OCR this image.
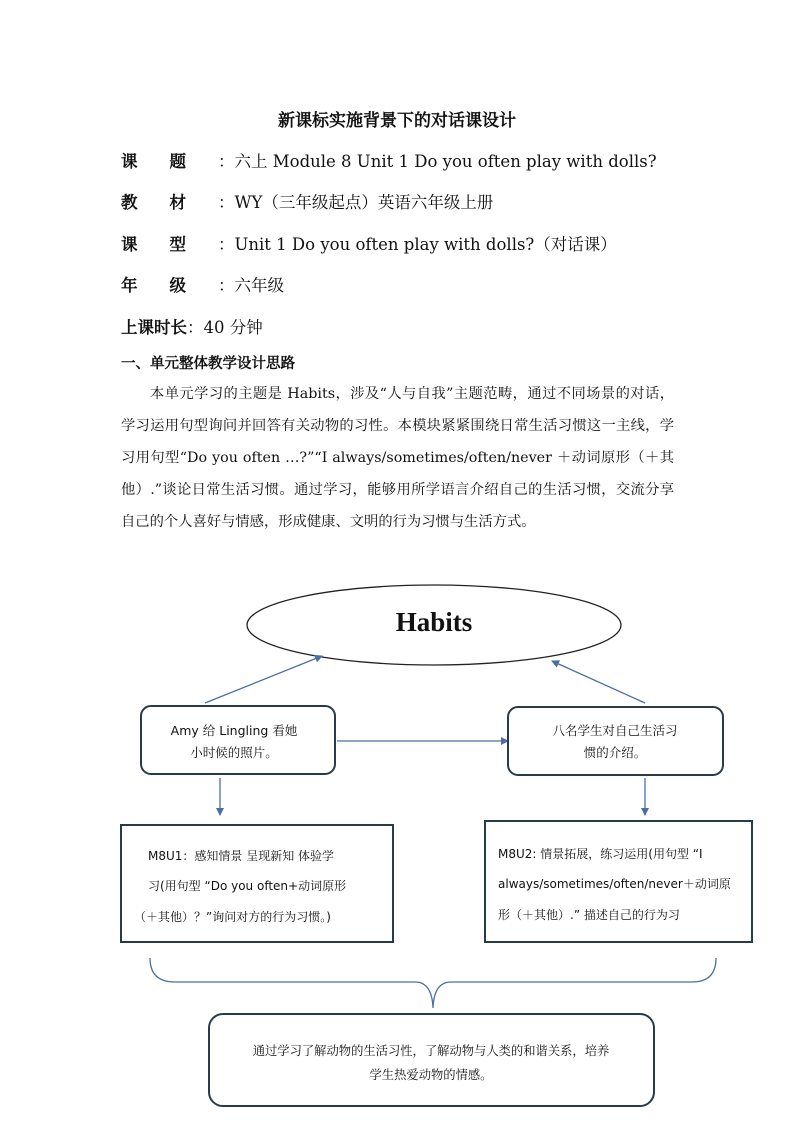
新课标实施背景下的对话课设计
课题：六上 Module 8 Unit 1 Do you often play with dolls?
教材：WY（三年级起点）英语六年级上册
课型：Unit 1 Do you often play with dolls?（对话课）
年级：六年级
上课时长：40 分钟
一、单元整体教学设计思路

本单元学习的主题是 Habits，涉及“人与自我”主题范畴，通过不同场景的对话，学习运用句型询问并回答有关动物的习性。本模块紧紧围绕日常生活习惯这一主线，学习用句型“Do you often …?”“I always/sometimes/often/never ＋动词原形（＋其他）.”谈论日常生活习惯。通过学习，能够用所学语言介绍自己的生活习惯，交流分享自己的个人喜好与情感，形成健康、文明的行为习惯与生活方式。

Habits
Amy 给 Lingling 看她
小时候的照片。
八名学生对自己生活习
惯的介绍。
M8U1：感知情景 呈现新知 体验学
习(用句型 “Do you often+动词原形
（＋其他）？”询问对方的行为习惯。)
M8U2: 情景拓展，练习运用(用句型 “I
always/sometimes/often/never＋动词原
形（＋其他）.” 描述自己的行为习
通过学习了解动物的生活习性，了解动物与人类的和谐关系，培养
学生热爱动物的情感。
